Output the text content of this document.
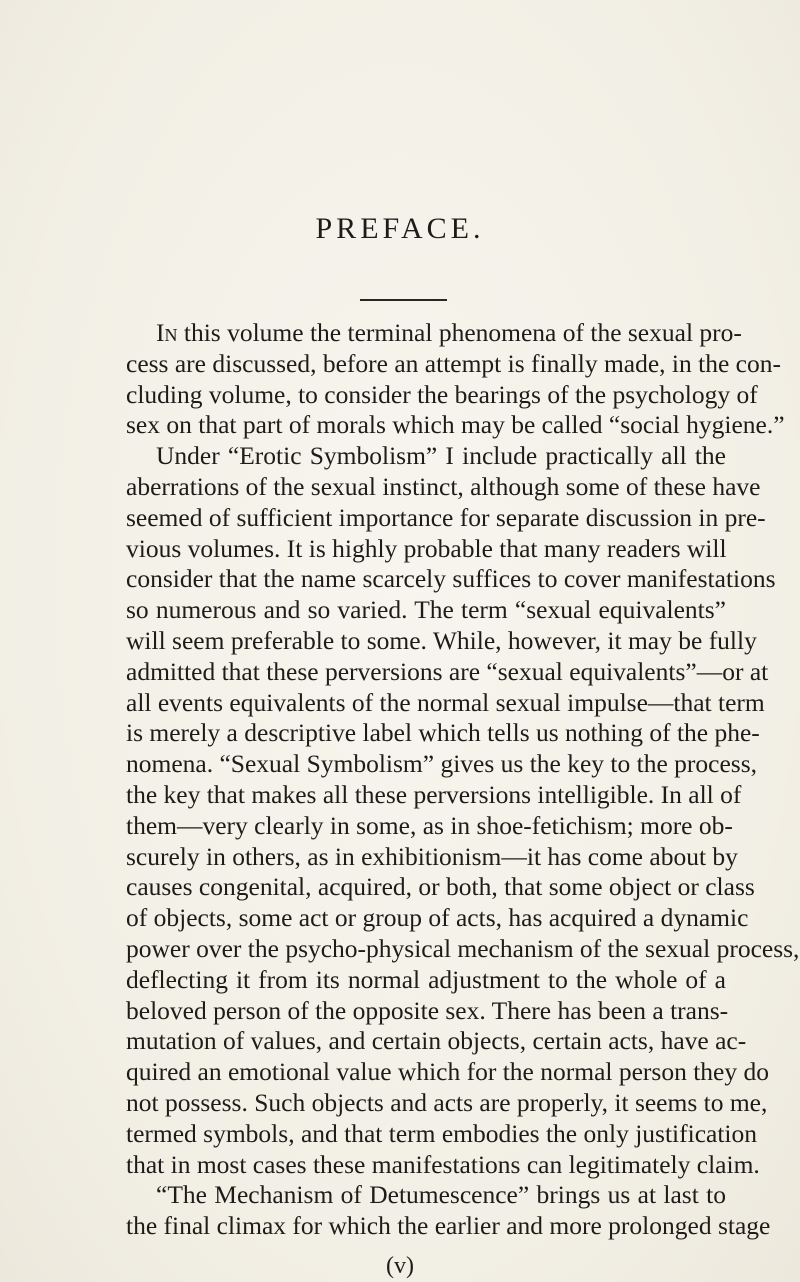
PREFACE.
In this volume the terminal phenomena of the sexual pro-
cess are discussed, before an attempt is finally made, in the con-
cluding volume, to consider the bearings of the psychology of
sex on that part of morals which may be called “social hygiene.”
Under “Erotic Symbolism” I include practically all the
aberrations of the sexual instinct, although some of these have
seemed of sufficient importance for separate discussion in pre-
vious volumes. It is highly probable that many readers will
consider that the name scarcely suffices to cover manifestations
so numerous and so varied. The term “sexual equivalents”
will seem preferable to some. While, however, it may be fully
admitted that these perversions are “sexual equivalents”—or at
all events equivalents of the normal sexual impulse—that term
is merely a descriptive label which tells us nothing of the phe-
nomena. “Sexual Symbolism” gives us the key to the process,
the key that makes all these perversions intelligible. In all of
them—very clearly in some, as in shoe-fetichism; more ob-
scurely in others, as in exhibitionism—it has come about by
causes congenital, acquired, or both, that some object or class
of objects, some act or group of acts, has acquired a dynamic
power over the psycho-physical mechanism of the sexual process,
deflecting it from its normal adjustment to the whole of a
beloved person of the opposite sex. There has been a trans-
mutation of values, and certain objects, certain acts, have ac-
quired an emotional value which for the normal person they do
not possess. Such objects and acts are properly, it seems to me,
termed symbols, and that term embodies the only justification
that in most cases these manifestations can legitimately claim.
“The Mechanism of Detumescence” brings us at last to
the final climax for which the earlier and more prolonged stage
(v)
